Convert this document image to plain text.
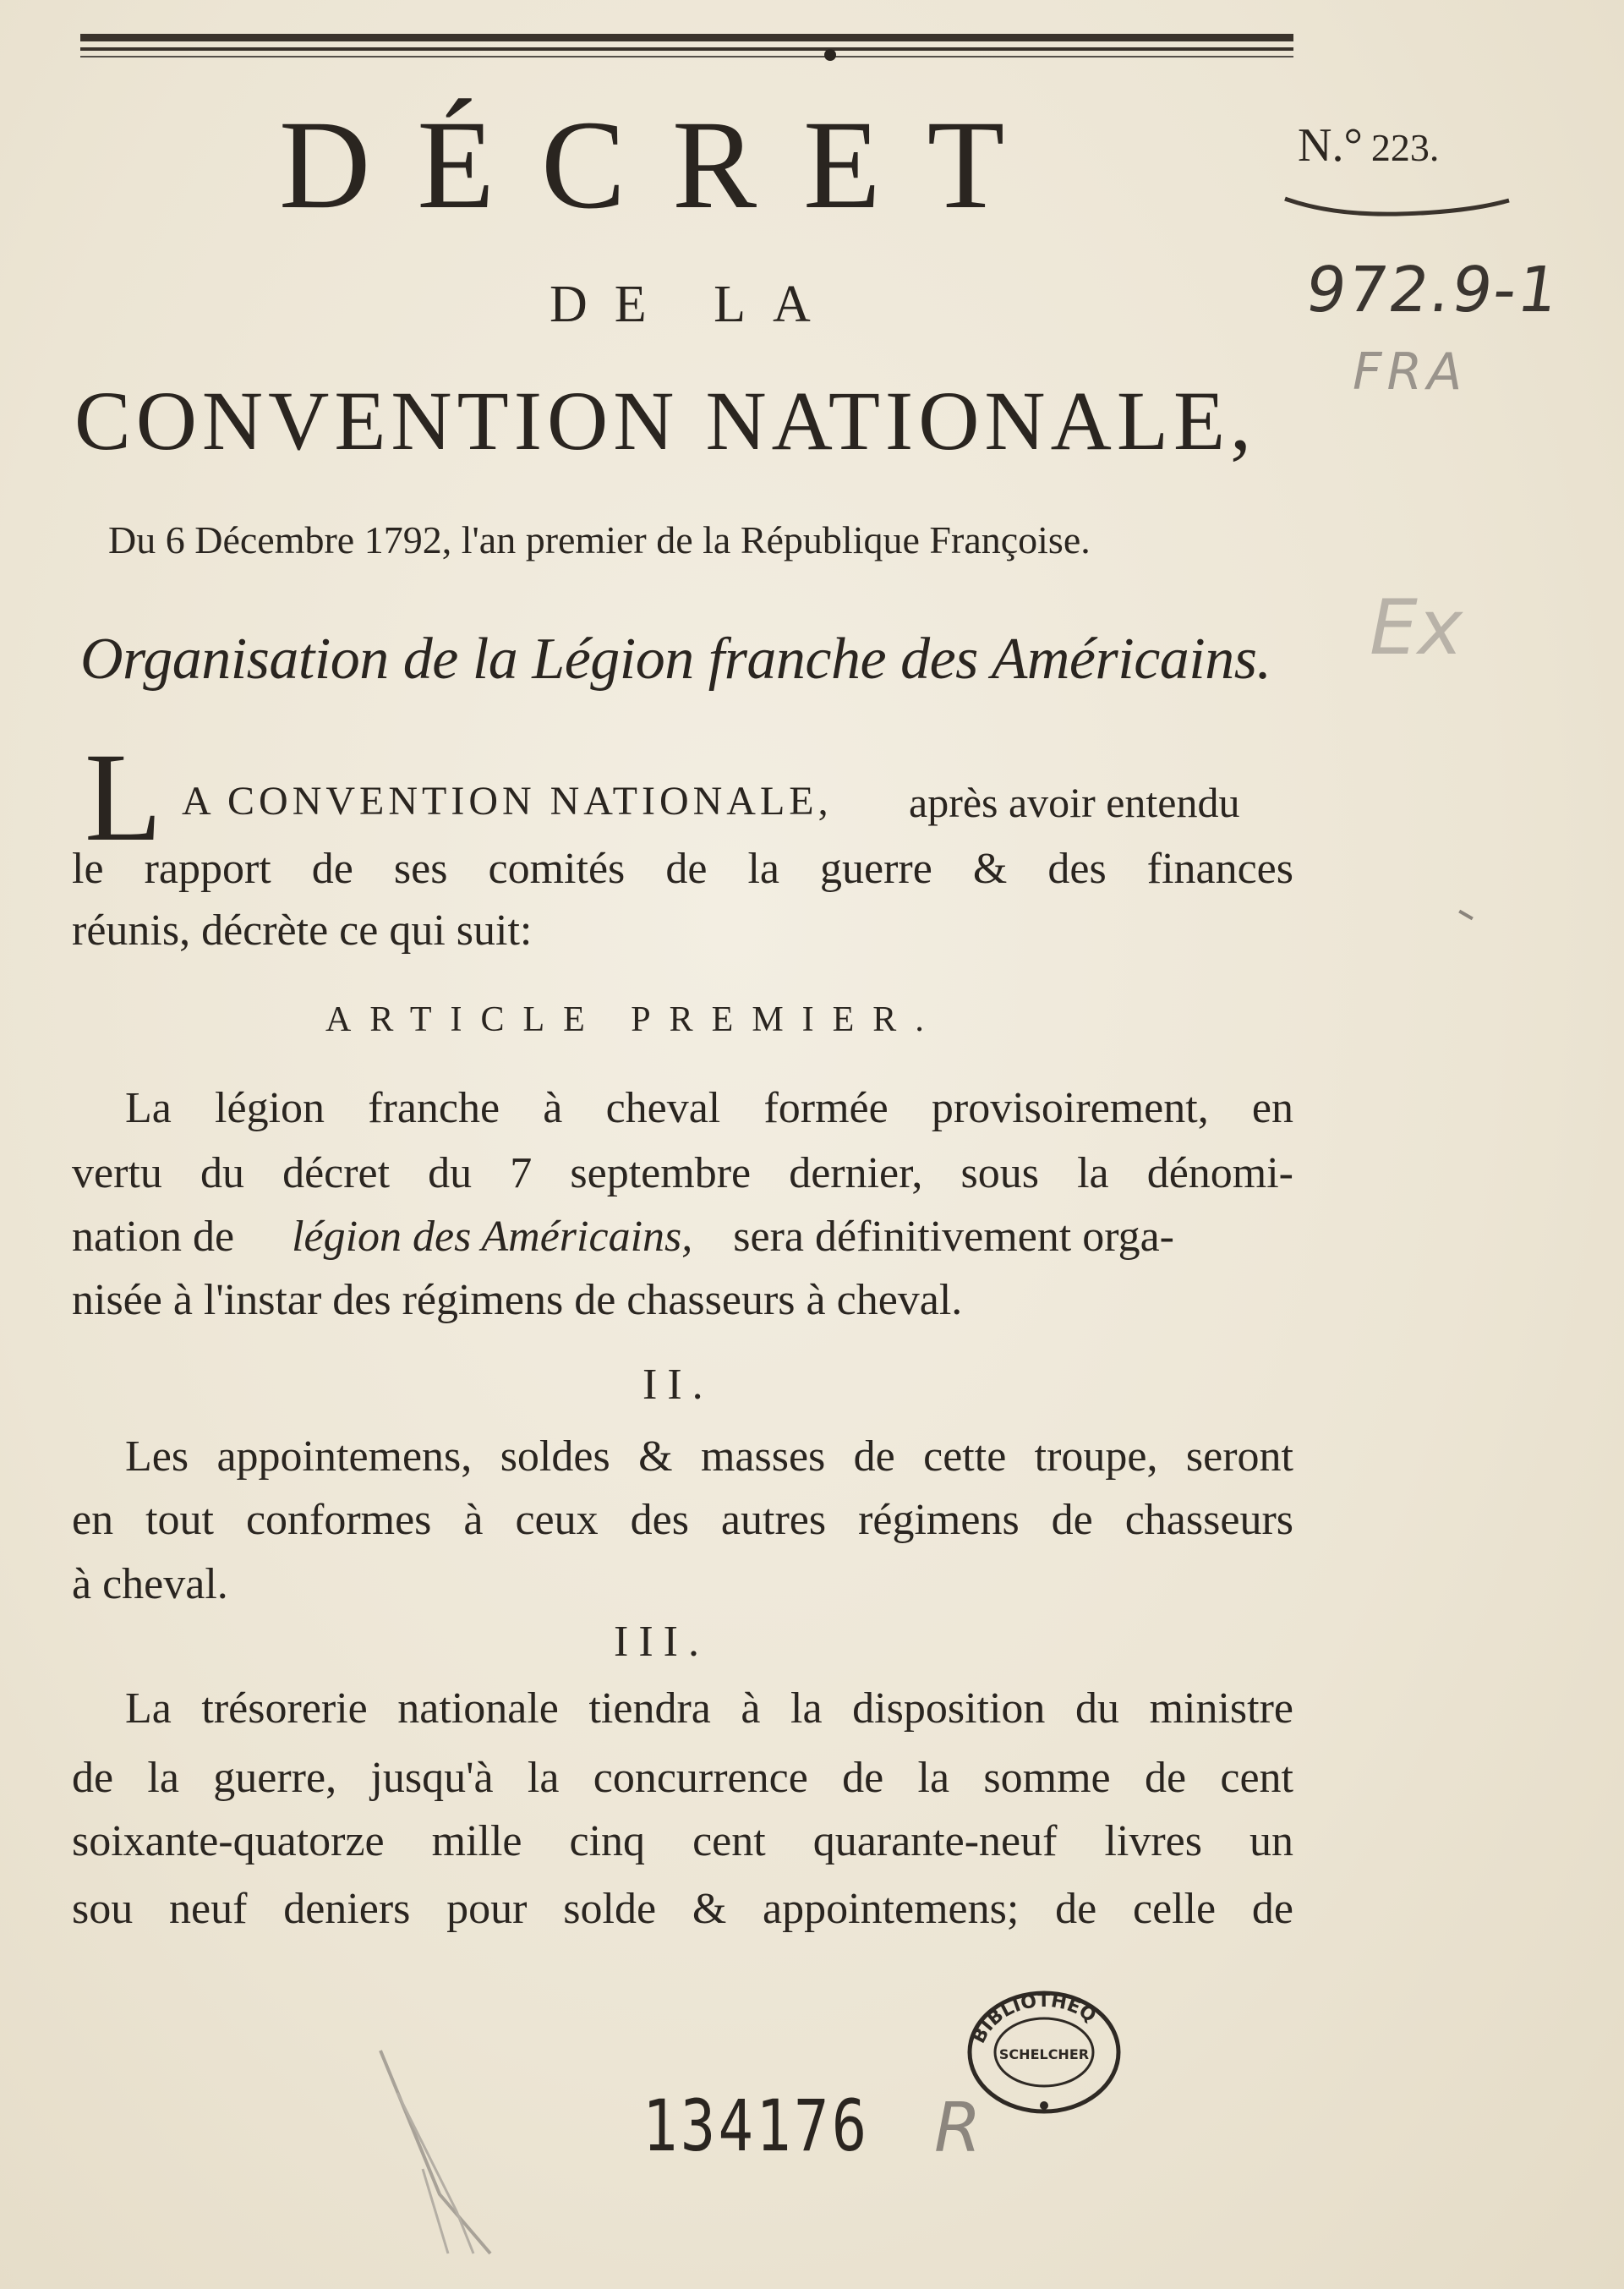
DÉCRET	N.° 223.
DE LA
CONVENTION NATIONALE,
Du 6 Décembre 1792, l'an premier de la République Françoise.
Organisation de la Légion franche des Américains.
972.9-1
FRA
Ex
L A CONVENTION NATIONALE, après avoir entendu
le rapport de ses comités de la guerre & des finances
réunis, décrète ce qui suit:
ARTICLE PREMIER.
La légion franche à cheval formée provisoirement, en
vertu du décret du 7 septembre dernier, sous la dénomi-
nation de légion des Américains, sera définitivement orga-
nisée à l'instar des régimens de chasseurs à cheval.
II.
Les appointemens, soldes & masses de cette troupe, seront
en tout conformes à ceux des autres régimens de chasseurs
à cheval.
III.
La trésorerie nationale tiendra à la disposition du ministre
de la guerre, jusqu'à la concurrence de la somme de cent
soixante-quatorze mille cinq cent quarante-neuf livres un
sou neuf deniers pour solde & appointemens; de celle de
BIBLIOTHEQ
SCHELCHER
134176 R
